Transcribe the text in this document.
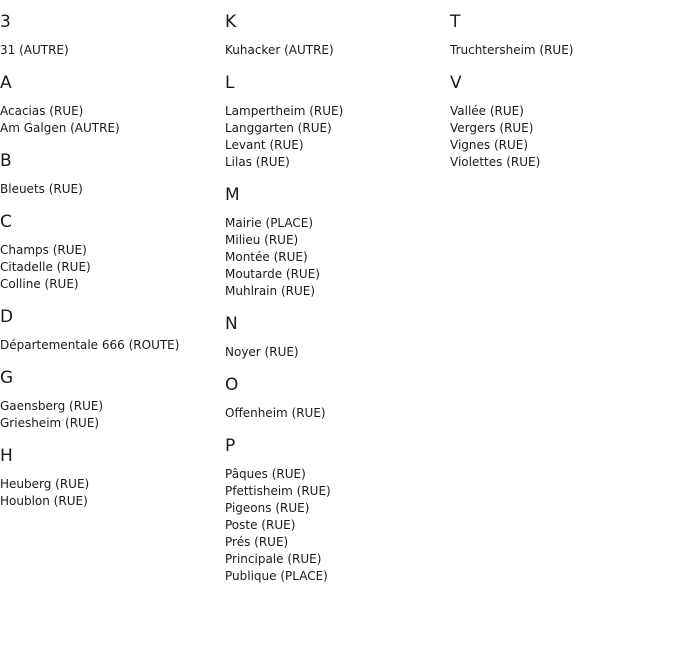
3
31 (AUTRE)
A
Acacias (RUE)
Am Galgen (AUTRE)
B
Bleuets (RUE)
C
Champs (RUE)
Citadelle (RUE)
Colline (RUE)
D
Départementale 666 (ROUTE)
G
Gaensberg (RUE)
Griesheim (RUE)
H
Heuberg (RUE)
Houblon (RUE)
K
Kuhacker (AUTRE)
L
Lampertheim (RUE)
Langgarten (RUE)
Levant (RUE)
Lilas (RUE)
M
Mairie (PLACE)
Milieu (RUE)
Montée (RUE)
Moutarde (RUE)
Muhlrain (RUE)
N
Noyer (RUE)
O
Offenheim (RUE)
P
Pâques (RUE)
Pfettisheim (RUE)
Pigeons (RUE)
Poste (RUE)
Prés (RUE)
Principale (RUE)
Publique (PLACE)
T
Truchtersheim (RUE)
V
Vallée (RUE)
Vergers (RUE)
Vignes (RUE)
Violettes (RUE)
